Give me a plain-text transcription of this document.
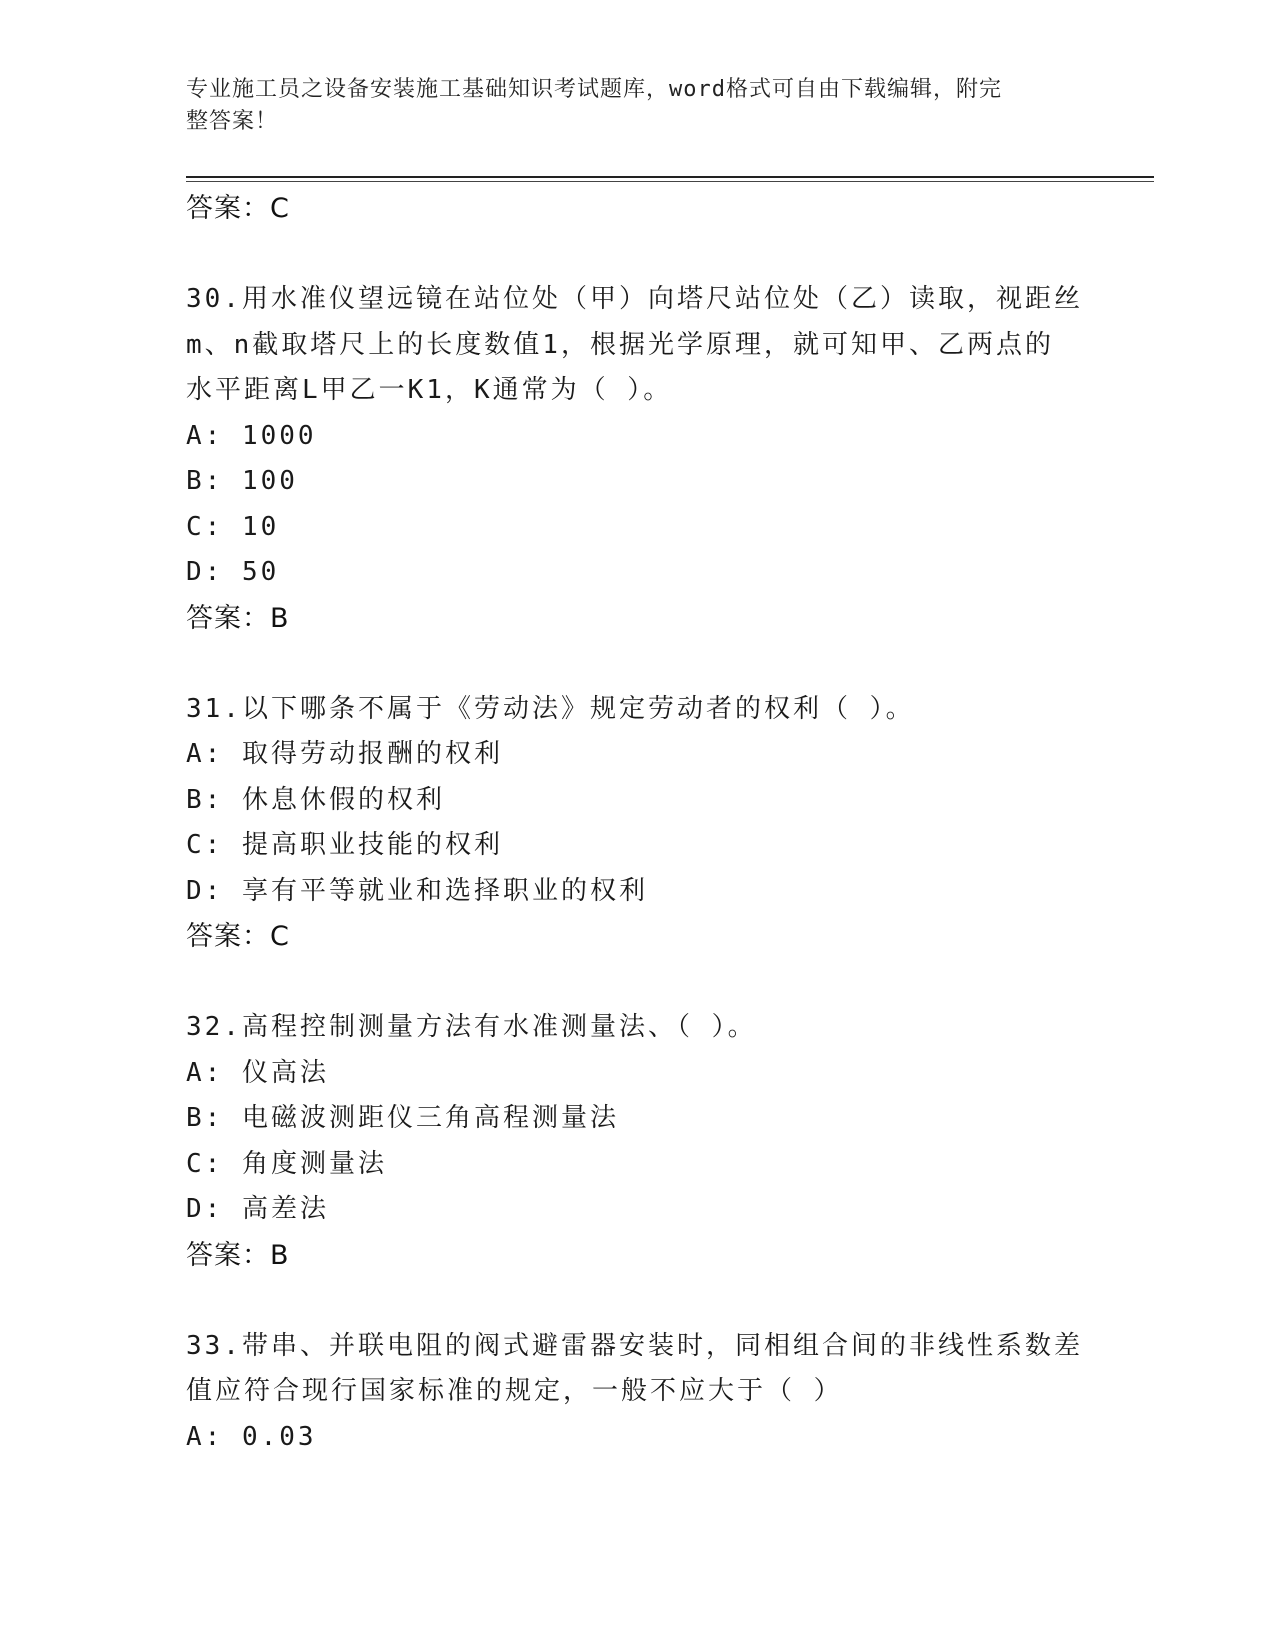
专业施工员之设备安装施工基础知识考试题库，word格式可自由下载编辑，附完
整答案！
答案：C
30.用水准仪望远镜在站位处（甲）向塔尺站位处（乙）读取，视距丝
m、n截取塔尺上的长度数值1，根据光学原理，就可知甲、乙两点的
水平距离L甲乙一K1，K通常为（ ）。
A: 1000
B: 100
C: 10
D: 50
答案：B
31.以下哪条不属于《劳动法》规定劳动者的权利（ ）。
A: 取得劳动报酬的权利
B: 休息休假的权利
C: 提高职业技能的权利
D: 享有平等就业和选择职业的权利
答案：C
32.高程控制测量方法有水准测量法、（ ）。
A: 仪高法
B: 电磁波测距仪三角高程测量法
C: 角度测量法
D: 高差法
答案：B
33.带串、并联电阻的阀式避雷器安装时，同相组合间的非线性系数差
值应符合现行国家标准的规定，一般不应大于（ ）
A: 0.03
